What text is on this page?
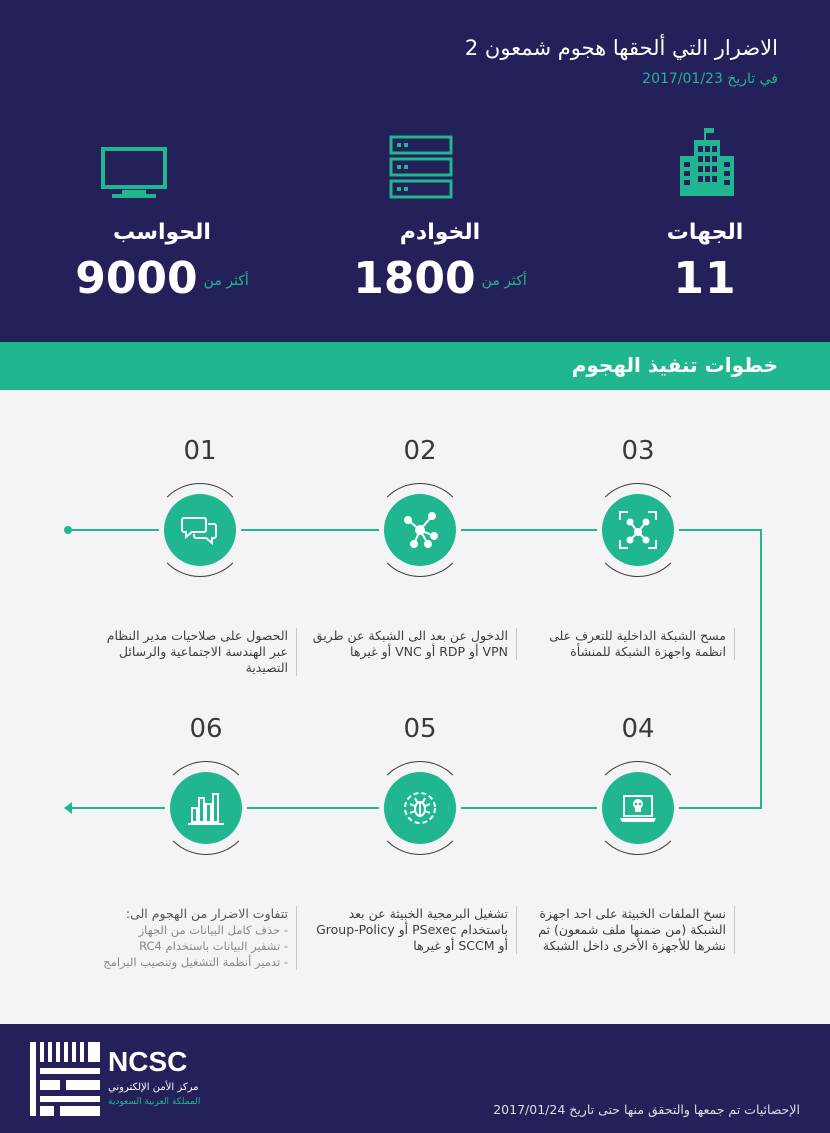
الاضرار التي ألحقها هجوم شمعون 2
في تاريخ 2017/01/23
الجهات
11
الخوادم
1800 أكثر من
الحواسب
9000 أكثر من
خطوات تنفيذ الهجوم
01
الحصول على صلاحيات مدير النظام عبر الهندسة الاجتماعية والرسائل التصيدية
02
الدخول عن بعد الى الشبكة عن طريق VPN أو RDP أو VNC أو غيرها
03
مسح الشبكة الداخلية للتعرف على انظمة واجهزة الشبكة للمنشأة
04
نسخ الملفات الخبيثة على احد اجهزة الشبكة (من ضمنها ملف شمعون) ثم نشرها للأجهزة الأخرى داخل الشبكة
05
تشغيل البرمجية الخبيثة عن بعد باستخدام PSexec أو Group-Policy أو SCCM أو غيرها
06
تتفاوت الاضرار من الهجوم الى:
- حذف كامل البيانات من الجهاز
- تشفير البيانات باستخدام RC4
- تدمير أنظمة التشغيل وتنصيب البرامج
NCSC
مركز الأمن الإلكتروني
المملكة العربية السعودية	الإحصائيات تم جمعها والتحقق منها حتى تاريخ 2017/01/24
